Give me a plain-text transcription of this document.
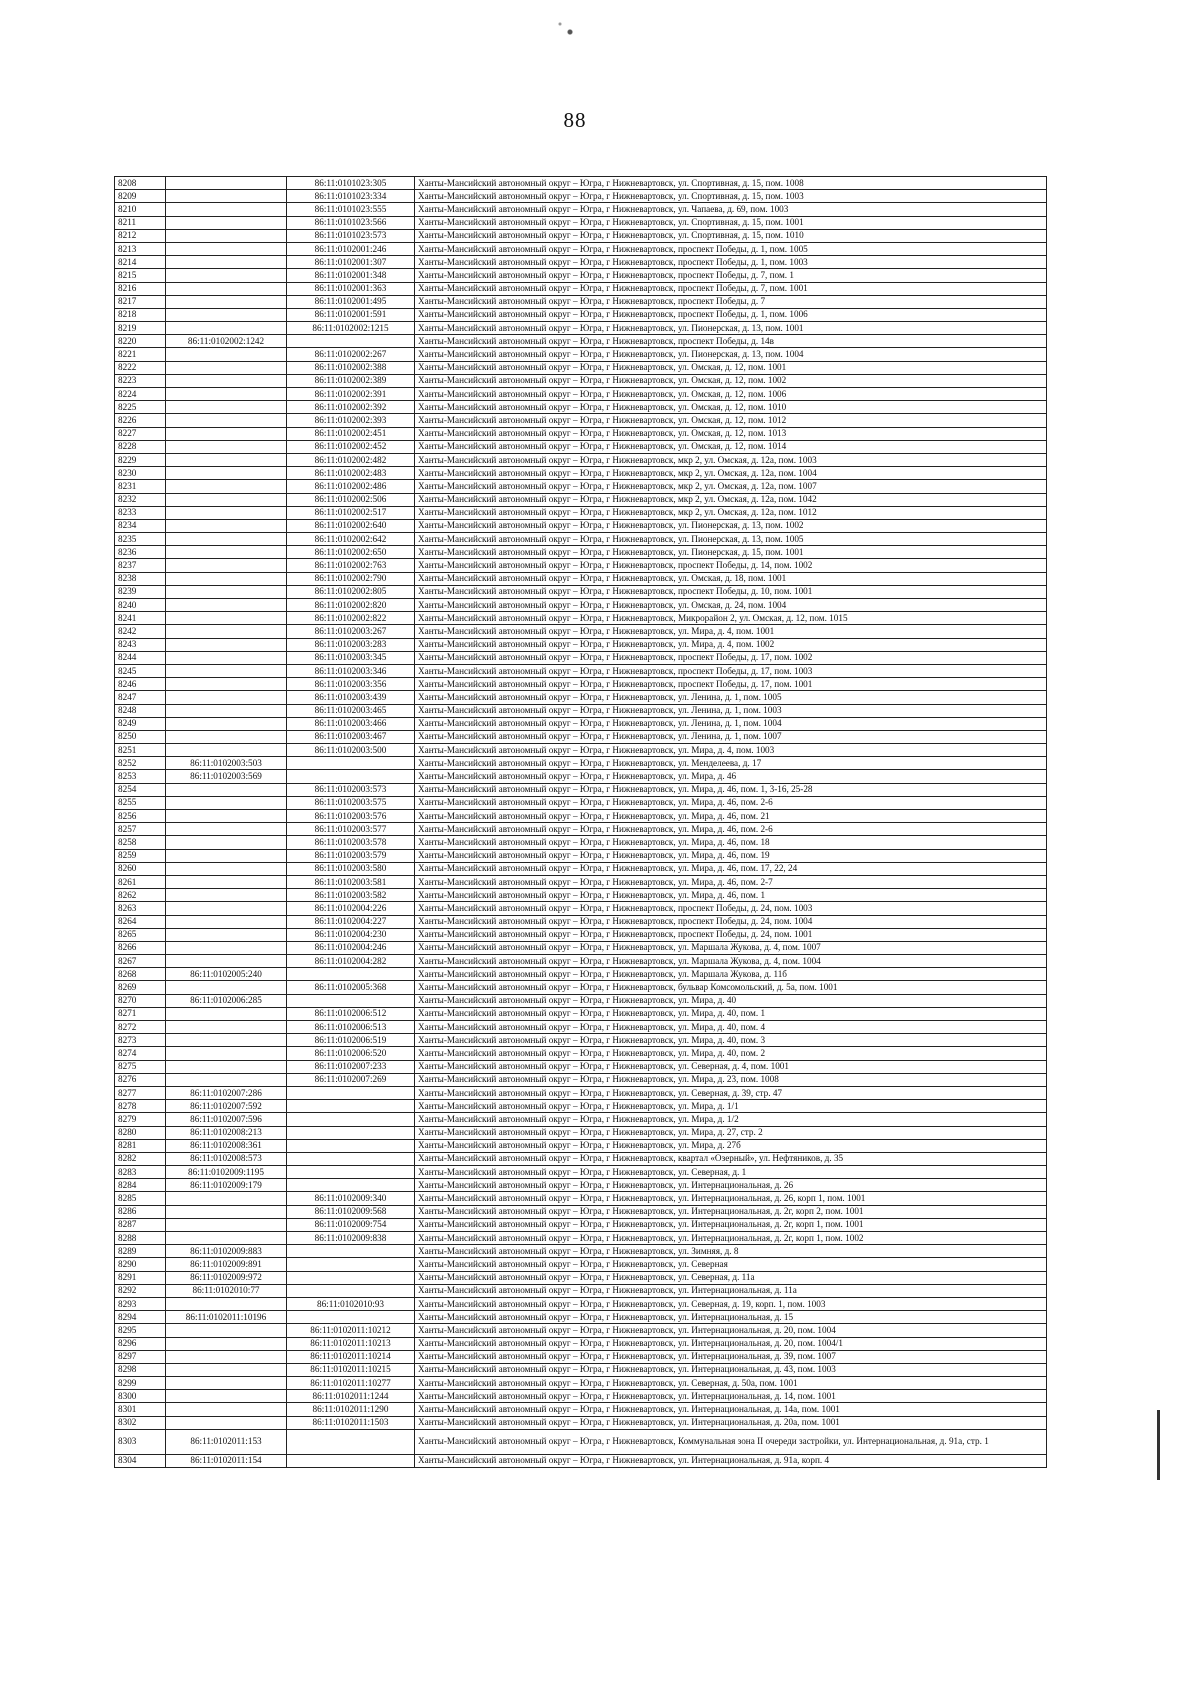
88
8208		86:11:0101023:305	Ханты-Мансийский автономный округ – Югра, г Нижневартовск, ул. Спортивная, д. 15, пом. 1008
8209		86:11:0101023:334	Ханты-Мансийский автономный округ – Югра, г Нижневартовск, ул. Спортивная, д. 15, пом. 1003
8210		86:11:0101023:555	Ханты-Мансийский автономный округ – Югра, г Нижневартовск, ул. Чапаева, д. 69, пом. 1003
8211		86:11:0101023:566	Ханты-Мансийский автономный округ – Югра, г Нижневартовск, ул. Спортивная, д. 15, пом. 1001
8212		86:11:0101023:573	Ханты-Мансийский автономный округ – Югра, г Нижневартовск, ул. Спортивная, д. 15, пом. 1010
8213		86:11:0102001:246	Ханты-Мансийский автономный округ – Югра, г Нижневартовск, проспект Победы, д. 1, пом. 1005
8214		86:11:0102001:307	Ханты-Мансийский автономный округ – Югра, г Нижневартовск, проспект Победы, д. 1, пом. 1003
8215		86:11:0102001:348	Ханты-Мансийский автономный округ – Югра, г Нижневартовск, проспект Победы, д. 7, пом. 1
8216		86:11:0102001:363	Ханты-Мансийский автономный округ – Югра, г Нижневартовск, проспект Победы, д. 7, пом. 1001
8217		86:11:0102001:495	Ханты-Мансийский автономный округ – Югра, г Нижневартовск, проспект Победы, д. 7
8218		86:11:0102001:591	Ханты-Мансийский автономный округ – Югра, г Нижневартовск, проспект Победы, д. 1, пом. 1006
8219		86:11:0102002:1215	Ханты-Мансийский автономный округ – Югра, г Нижневартовск, ул. Пионерская, д. 13, пом. 1001
8220	86:11:0102002:1242		Ханты-Мансийский автономный округ – Югра, г Нижневартовск, проспект Победы, д. 14в
8221		86:11:0102002:267	Ханты-Мансийский автономный округ – Югра, г Нижневартовск, ул. Пионерская, д. 13, пом. 1004
8222		86:11:0102002:388	Ханты-Мансийский автономный округ – Югра, г Нижневартовск, ул. Омская, д. 12, пом. 1001
8223		86:11:0102002:389	Ханты-Мансийский автономный округ – Югра, г Нижневартовск, ул. Омская, д. 12, пом. 1002
8224		86:11:0102002:391	Ханты-Мансийский автономный округ – Югра, г Нижневартовск, ул. Омская, д. 12, пом. 1006
8225		86:11:0102002:392	Ханты-Мансийский автономный округ – Югра, г Нижневартовск, ул. Омская, д. 12, пом. 1010
8226		86:11:0102002:393	Ханты-Мансийский автономный округ – Югра, г Нижневартовск, ул. Омская, д. 12, пом. 1012
8227		86:11:0102002:451	Ханты-Мансийский автономный округ – Югра, г Нижневартовск, ул. Омская, д. 12, пом. 1013
8228		86:11:0102002:452	Ханты-Мансийский автономный округ – Югра, г Нижневартовск, ул. Омская, д. 12, пом. 1014
8229		86:11:0102002:482	Ханты-Мансийский автономный округ – Югра, г Нижневартовск, мкр 2, ул. Омская, д. 12а, пом. 1003
8230		86:11:0102002:483	Ханты-Мансийский автономный округ – Югра, г Нижневартовск, мкр 2, ул. Омская, д. 12а, пом. 1004
8231		86:11:0102002:486	Ханты-Мансийский автономный округ – Югра, г Нижневартовск, мкр 2, ул. Омская, д. 12а, пом. 1007
8232		86:11:0102002:506	Ханты-Мансийский автономный округ – Югра, г Нижневартовск, мкр 2, ул. Омская, д. 12а, пом. 1042
8233		86:11:0102002:517	Ханты-Мансийский автономный округ – Югра, г Нижневартовск, мкр 2, ул. Омская, д. 12а, пом. 1012
8234		86:11:0102002:640	Ханты-Мансийский автономный округ – Югра, г Нижневартовск, ул. Пионерская, д. 13, пом. 1002
8235		86:11:0102002:642	Ханты-Мансийский автономный округ – Югра, г Нижневартовск, ул. Пионерская, д. 13, пом. 1005
8236		86:11:0102002:650	Ханты-Мансийский автономный округ – Югра, г Нижневартовск, ул. Пионерская, д. 15, пом. 1001
8237		86:11:0102002:763	Ханты-Мансийский автономный округ – Югра, г Нижневартовск, проспект Победы, д. 14, пом. 1002
8238		86:11:0102002:790	Ханты-Мансийский автономный округ – Югра, г Нижневартовск, ул. Омская, д. 18, пом. 1001
8239		86:11:0102002:805	Ханты-Мансийский автономный округ – Югра, г Нижневартовск, проспект Победы, д. 10, пом. 1001
8240		86:11:0102002:820	Ханты-Мансийский автономный округ – Югра, г Нижневартовск, ул. Омская, д. 24, пом. 1004
8241		86:11:0102002:822	Ханты-Мансийский автономный округ – Югра, г Нижневартовск, Микрорайон 2, ул. Омская, д. 12, пом. 1015
8242		86:11:0102003:267	Ханты-Мансийский автономный округ – Югра, г Нижневартовск, ул. Мира, д. 4, пом. 1001
8243		86:11:0102003:283	Ханты-Мансийский автономный округ – Югра, г Нижневартовск, ул. Мира, д. 4, пом. 1002
8244		86:11:0102003:345	Ханты-Мансийский автономный округ – Югра, г Нижневартовск, проспект Победы, д. 17, пом. 1002
8245		86:11:0102003:346	Ханты-Мансийский автономный округ – Югра, г Нижневартовск, проспект Победы, д. 17, пом. 1003
8246		86:11:0102003:356	Ханты-Мансийский автономный округ – Югра, г Нижневартовск, проспект Победы, д. 17, пом. 1001
8247		86:11:0102003:439	Ханты-Мансийский автономный округ – Югра, г Нижневартовск, ул. Ленина, д. 1, пом. 1005
8248		86:11:0102003:465	Ханты-Мансийский автономный округ – Югра, г Нижневартовск, ул. Ленина, д. 1, пом. 1003
8249		86:11:0102003:466	Ханты-Мансийский автономный округ – Югра, г Нижневартовск, ул. Ленина, д. 1, пом. 1004
8250		86:11:0102003:467	Ханты-Мансийский автономный округ – Югра, г Нижневартовск, ул. Ленина, д. 1, пом. 1007
8251		86:11:0102003:500	Ханты-Мансийский автономный округ – Югра, г Нижневартовск, ул. Мира, д. 4, пом. 1003
8252	86:11:0102003:503		Ханты-Мансийский автономный округ – Югра, г Нижневартовск, ул. Менделеева, д. 17
8253	86:11:0102003:569		Ханты-Мансийский автономный округ – Югра, г Нижневартовск, ул. Мира, д. 46
8254		86:11:0102003:573	Ханты-Мансийский автономный округ – Югра, г Нижневартовск, ул. Мира, д. 46, пом. 1, 3-16, 25-28
8255		86:11:0102003:575	Ханты-Мансийский автономный округ – Югра, г Нижневартовск, ул. Мира, д. 46, пом. 2-6
8256		86:11:0102003:576	Ханты-Мансийский автономный округ – Югра, г Нижневартовск, ул. Мира, д. 46, пом. 21
8257		86:11:0102003:577	Ханты-Мансийский автономный округ – Югра, г Нижневартовск, ул. Мира, д. 46, пом. 2-6
8258		86:11:0102003:578	Ханты-Мансийский автономный округ – Югра, г Нижневартовск, ул. Мира, д. 46, пом. 18
8259		86:11:0102003:579	Ханты-Мансийский автономный округ – Югра, г Нижневартовск, ул. Мира, д. 46, пом. 19
8260		86:11:0102003:580	Ханты-Мансийский автономный округ – Югра, г Нижневартовск, ул. Мира, д. 46, пом. 17, 22, 24
8261		86:11:0102003:581	Ханты-Мансийский автономный округ – Югра, г Нижневартовск, ул. Мира, д. 46, пом. 2-7
8262		86:11:0102003:582	Ханты-Мансийский автономный округ – Югра, г Нижневартовск, ул. Мира, д. 46, пом. 1
8263		86:11:0102004:226	Ханты-Мансийский автономный округ – Югра, г Нижневартовск, проспект Победы, д. 24, пом. 1003
8264		86:11:0102004:227	Ханты-Мансийский автономный округ – Югра, г Нижневартовск, проспект Победы, д. 24, пом. 1004
8265		86:11:0102004:230	Ханты-Мансийский автономный округ – Югра, г Нижневартовск, проспект Победы, д. 24, пом. 1001
8266		86:11:0102004:246	Ханты-Мансийский автономный округ – Югра, г Нижневартовск, ул. Маршала Жукова, д. 4, пом. 1007
8267		86:11:0102004:282	Ханты-Мансийский автономный округ – Югра, г Нижневартовск, ул. Маршала Жукова, д. 4, пом. 1004
8268	86:11:0102005:240		Ханты-Мансийский автономный округ – Югра, г Нижневартовск, ул. Маршала Жукова, д. 11б
8269		86:11:0102005:368	Ханты-Мансийский автономный округ – Югра, г Нижневартовск, бульвар Комсомольский, д. 5а, пом. 1001
8270	86:11:0102006:285		Ханты-Мансийский автономный округ – Югра, г Нижневартовск, ул. Мира, д. 40
8271		86:11:0102006:512	Ханты-Мансийский автономный округ – Югра, г Нижневартовск, ул. Мира, д. 40, пом. 1
8272		86:11:0102006:513	Ханты-Мансийский автономный округ – Югра, г Нижневартовск, ул. Мира, д. 40, пом. 4
8273		86:11:0102006:519	Ханты-Мансийский автономный округ – Югра, г Нижневартовск, ул. Мира, д. 40, пом. 3
8274		86:11:0102006:520	Ханты-Мансийский автономный округ – Югра, г Нижневартовск, ул. Мира, д. 40, пом. 2
8275		86:11:0102007:233	Ханты-Мансийский автономный округ – Югра, г Нижневартовск, ул. Северная, д. 4, пом. 1001
8276		86:11:0102007:269	Ханты-Мансийский автономный округ – Югра, г Нижневартовск, ул. Мира, д. 23, пом. 1008
8277	86:11:0102007:286		Ханты-Мансийский автономный округ – Югра, г Нижневартовск, ул. Северная, д. 39, стр. 47
8278	86:11:0102007:592		Ханты-Мансийский автономный округ – Югра, г Нижневартовск, ул. Мира, д. 1/1
8279	86:11:0102007:596		Ханты-Мансийский автономный округ – Югра, г Нижневартовск, ул. Мира, д. 1/2
8280	86:11:0102008:213		Ханты-Мансийский автономный округ – Югра, г Нижневартовск, ул. Мира, д. 27, стр. 2
8281	86:11:0102008:361		Ханты-Мансийский автономный округ – Югра, г Нижневартовск, ул. Мира, д. 27б
8282	86:11:0102008:573		Ханты-Мансийский автономный округ – Югра, г Нижневартовск, квартал «Озерный», ул. Нефтяников, д. 35
8283	86:11:0102009:1195		Ханты-Мансийский автономный округ – Югра, г Нижневартовск, ул. Северная, д. 1
8284	86:11:0102009:179		Ханты-Мансийский автономный округ – Югра, г Нижневартовск, ул. Интернациональная, д. 26
8285		86:11:0102009:340	Ханты-Мансийский автономный округ – Югра, г Нижневартовск, ул. Интернациональная, д. 26, корп 1, пом. 1001
8286		86:11:0102009:568	Ханты-Мансийский автономный округ – Югра, г Нижневартовск, ул. Интернациональная, д. 2г, корп 2, пом. 1001
8287		86:11:0102009:754	Ханты-Мансийский автономный округ – Югра, г Нижневартовск, ул. Интернациональная, д. 2г, корп 1, пом. 1001
8288		86:11:0102009:838	Ханты-Мансийский автономный округ – Югра, г Нижневартовск, ул. Интернациональная, д. 2г, корп 1, пом. 1002
8289	86:11:0102009:883		Ханты-Мансийский автономный округ – Югра, г Нижневартовск, ул. Зимняя, д. 8
8290	86:11:0102009:891		Ханты-Мансийский автономный округ – Югра, г Нижневартовск, ул. Северная
8291	86:11:0102009:972		Ханты-Мансийский автономный округ – Югра, г Нижневартовск, ул. Северная, д. 11а
8292	86:11:0102010:77		Ханты-Мансийский автономный округ – Югра, г Нижневартовск, ул. Интернациональная, д. 11а
8293		86:11:0102010:93	Ханты-Мансийский автономный округ – Югра, г Нижневартовск, ул. Северная, д. 19, корп. 1, пом. 1003
8294	86:11:0102011:10196		Ханты-Мансийский автономный округ – Югра, г Нижневартовск, ул. Интернациональная, д. 15
8295		86:11:0102011:10212	Ханты-Мансийский автономный округ – Югра, г Нижневартовск, ул. Интернациональная, д. 20, пом. 1004
8296		86:11:0102011:10213	Ханты-Мансийский автономный округ – Югра, г Нижневартовск, ул. Интернациональная, д. 20, пом. 1004/1
8297		86:11:0102011:10214	Ханты-Мансийский автономный округ – Югра, г Нижневартовск, ул. Интернациональная, д. 39, пом. 1007
8298		86:11:0102011:10215	Ханты-Мансийский автономный округ – Югра, г Нижневартовск, ул. Интернациональная, д. 43, пом. 1003
8299		86:11:0102011:10277	Ханты-Мансийский автономный округ – Югра, г Нижневартовск, ул. Северная, д. 50а, пом. 1001
8300		86:11:0102011:1244	Ханты-Мансийский автономный округ – Югра, г Нижневартовск, ул. Интернациональная, д. 14, пом. 1001
8301		86:11:0102011:1290	Ханты-Мансийский автономный округ – Югра, г Нижневартовск, ул. Интернациональная, д. 14а, пом. 1001
8302		86:11:0102011:1503	Ханты-Мансийский автономный округ – Югра, г Нижневартовск, ул. Интернациональная, д. 20а, пом. 1001
8303	86:11:0102011:153		Ханты-Мансийский автономный округ – Югра, г Нижневартовск, Коммунальная зона II очереди застройки, ул. Интернациональная, д. 91а, стр. 1
8304	86:11:0102011:154		Ханты-Мансийский автономный округ – Югра, г Нижневартовск, ул. Интернациональная, д. 91а, корп. 4
